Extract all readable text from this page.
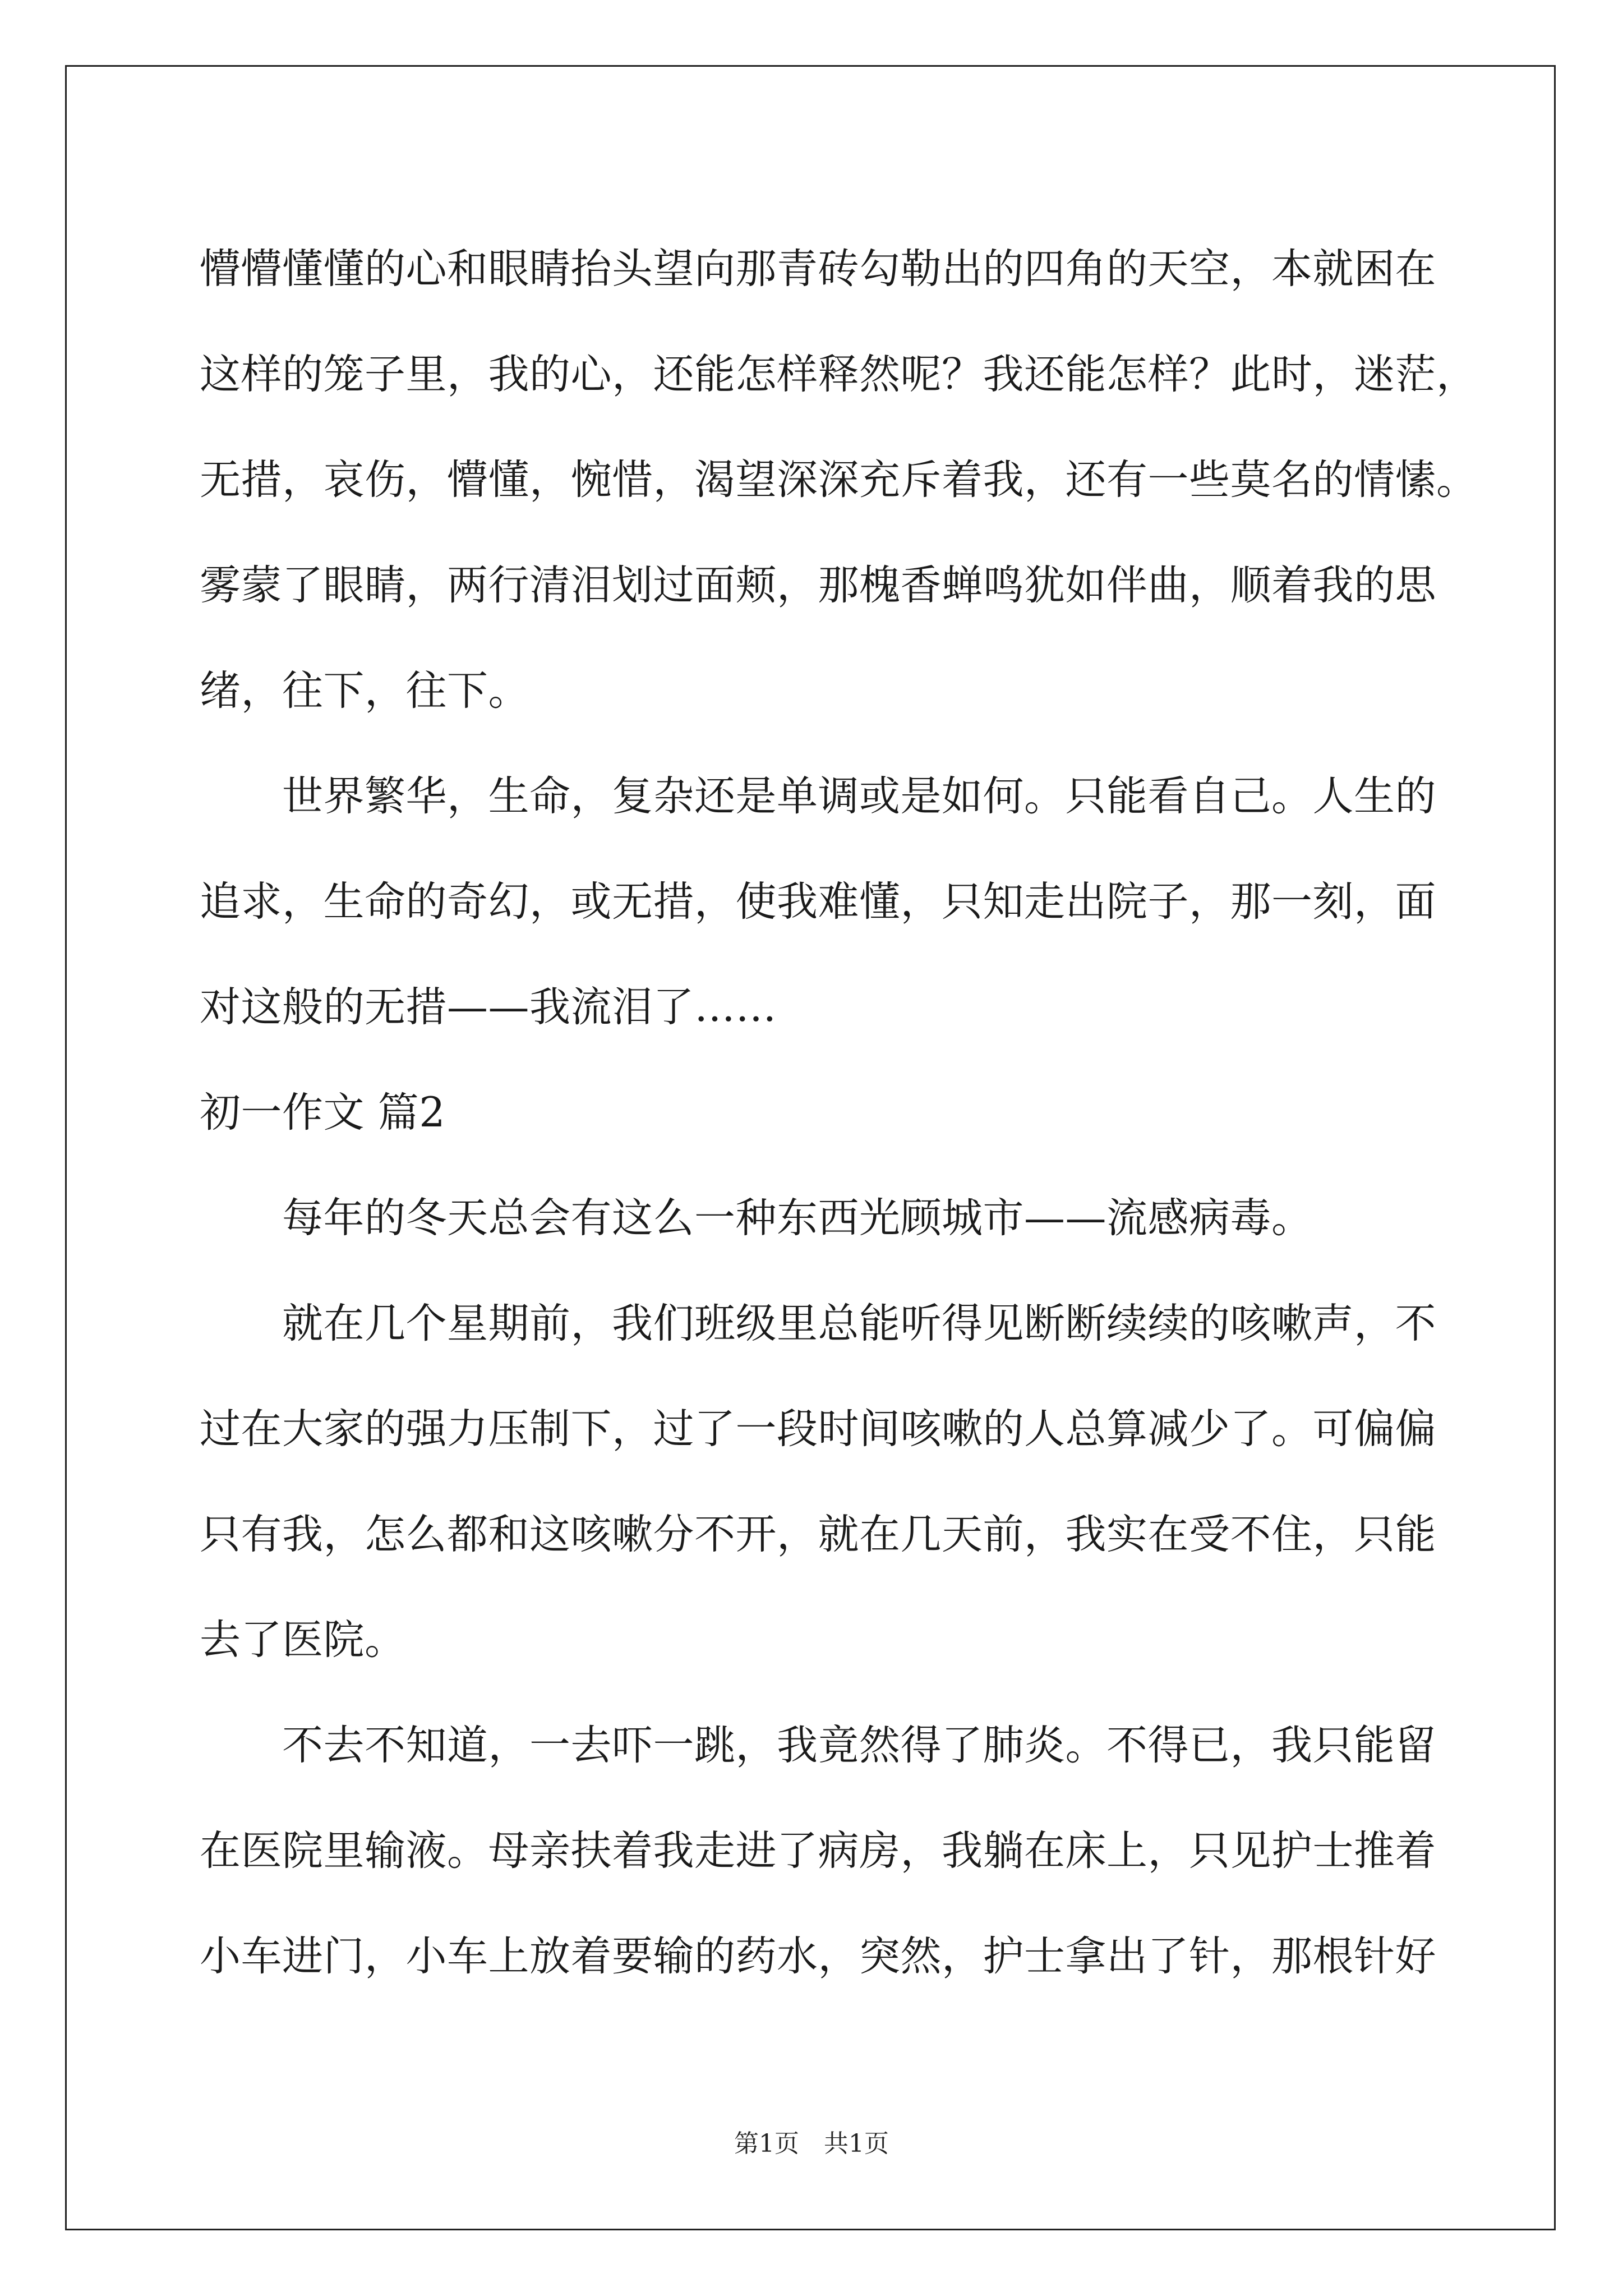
懵懵懂懂的心和眼睛抬头望向那青砖勾勒出的四角的天空，本就困在
这样的笼子里，我的心，还能怎样释然呢？我还能怎样？此时，迷茫，
无措，哀伤，懵懂，惋惜，渴望深深充斥着我，还有一些莫名的情愫。
雾蒙了眼睛，两行清泪划过面颊，那槐香蝉鸣犹如伴曲，顺着我的思
绪，往下，往下。
　　世界繁华，生命，复杂还是单调或是如何。只能看自己。人生的
追求，生命的奇幻，或无措，使我难懂，只知走出院子，那一刻，面
对这般的无措——我流泪了……
初一作文 篇2
　　每年的冬天总会有这么一种东西光顾城市——流感病毒。
　　就在几个星期前，我们班级里总能听得见断断续续的咳嗽声，不
过在大家的强力压制下，过了一段时间咳嗽的人总算减少了。可偏偏
只有我，怎么都和这咳嗽分不开，就在几天前，我实在受不住，只能
去了医院。
　　不去不知道，一去吓一跳，我竟然得了肺炎。不得已，我只能留
在医院里输液。母亲扶着我走进了病房，我躺在床上，只见护士推着
小车进门，小车上放着要输的药水，突然，护士拿出了针，那根针好
第1页　共1页
